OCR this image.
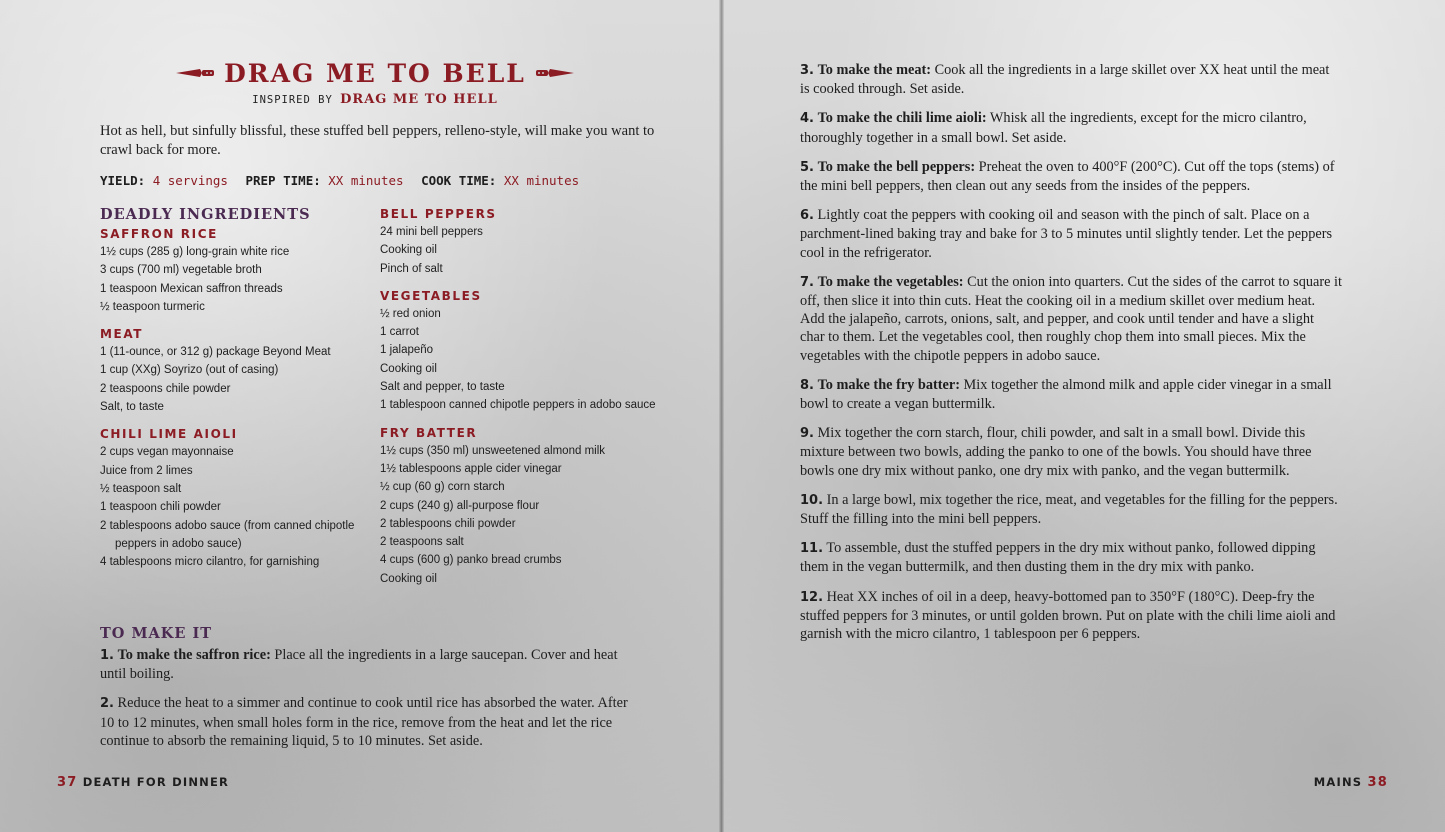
DRAG ME TO BELL
INSPIRED BY DRAG ME TO HELL
Hot as hell, but sinfully blissful, these stuffed bell peppers, relleno-style, will make you want to crawl back for more.
YIELD: 4 servings PREP TIME: XX minutes COOK TIME: XX minutes
DEADLY INGREDIENTS
SAFFRON RICE
1½ cups (285 g) long-grain white rice
3 cups (700 ml) vegetable broth
1 teaspoon Mexican saffron threads
½ teaspoon turmeric
MEAT
1 (11-ounce, or 312 g) package Beyond Meat
1 cup (XXg) Soyrizo (out of casing)
2 teaspoons chile powder
Salt, to taste
CHILI LIME AIOLI
2 cups vegan mayonnaise
Juice from 2 limes
½ teaspoon salt
1 teaspoon chili powder
2 tablespoons adobo sauce (from canned chipotle peppers in adobo sauce)
4 tablespoons micro cilantro, for garnishing
BELL PEPPERS
24 mini bell peppers
Cooking oil
Pinch of salt
VEGETABLES
½ red onion
1 carrot
1 jalapeño
Cooking oil
Salt and pepper, to taste
1 tablespoon canned chipotle peppers in adobo sauce
FRY BATTER
1½ cups (350 ml) unsweetened almond milk
1½ tablespoons apple cider vinegar
½ cup (60 g) corn starch
2 cups (240 g) all-purpose flour
2 tablespoons chili powder
2 teaspoons salt
4 cups (600 g) panko bread crumbs
Cooking oil
TO MAKE IT

1. To make the saffron rice: Place all the ingredients in a large saucepan. Cover and heat until boiling.

2. Reduce the heat to a simmer and continue to cook until rice has absorbed the water. After 10 to 12 minutes, when small holes form in the rice, remove from the heat and let the rice continue to absorb the remaining liquid, 5 to 10 minutes. Set aside.

37 DEATH FOR DINNER

3. To make the meat: Cook all the ingredients in a large skillet over XX heat until the meat is cooked through. Set aside.

4. To make the chili lime aioli: Whisk all the ingredients, except for the micro cilantro, thoroughly together in a small bowl. Set aside.

5. To make the bell peppers: Preheat the oven to 400°F (200°C). Cut off the tops (stems) of the mini bell peppers, then clean out any seeds from the insides of the peppers.

6. Lightly coat the peppers with cooking oil and season with the pinch of salt. Place on a parchment-lined baking tray and bake for 3 to 5 minutes until slightly tender. Let the peppers cool in the refrigerator.

7. To make the vegetables: Cut the onion into quarters. Cut the sides of the carrot to square it off, then slice it into thin cuts. Heat the cooking oil in a medium skillet over medium heat. Add the jalapeño, carrots, onions, salt, and pepper, and cook until tender and have a slight char to them. Let the vegetables cool, then roughly chop them into small pieces. Mix the vegetables with the chipotle peppers in adobo sauce.

8. To make the fry batter: Mix together the almond milk and apple cider vinegar in a small bowl to create a vegan buttermilk.

9. Mix together the corn starch, flour, chili powder, and salt in a small bowl. Divide this mixture between two bowls, adding the panko to one of the bowls. You should have three bowls one dry mix without panko, one dry mix with panko, and the vegan buttermilk.

10. In a large bowl, mix together the rice, meat, and vegetables for the filling for the peppers. Stuff the filling into the mini bell peppers.

11. To assemble, dust the stuffed peppers in the dry mix without panko, followed dipping them in the vegan buttermilk, and then dusting them in the dry mix with panko.

12. Heat XX inches of oil in a deep, heavy-bottomed pan to 350°F (180°C). Deep-fry the stuffed peppers for 3 minutes, or until golden brown. Put on plate with the chili lime aioli and garnish with the micro cilantro, 1 tablespoon per 6 peppers.

MAINS 38
